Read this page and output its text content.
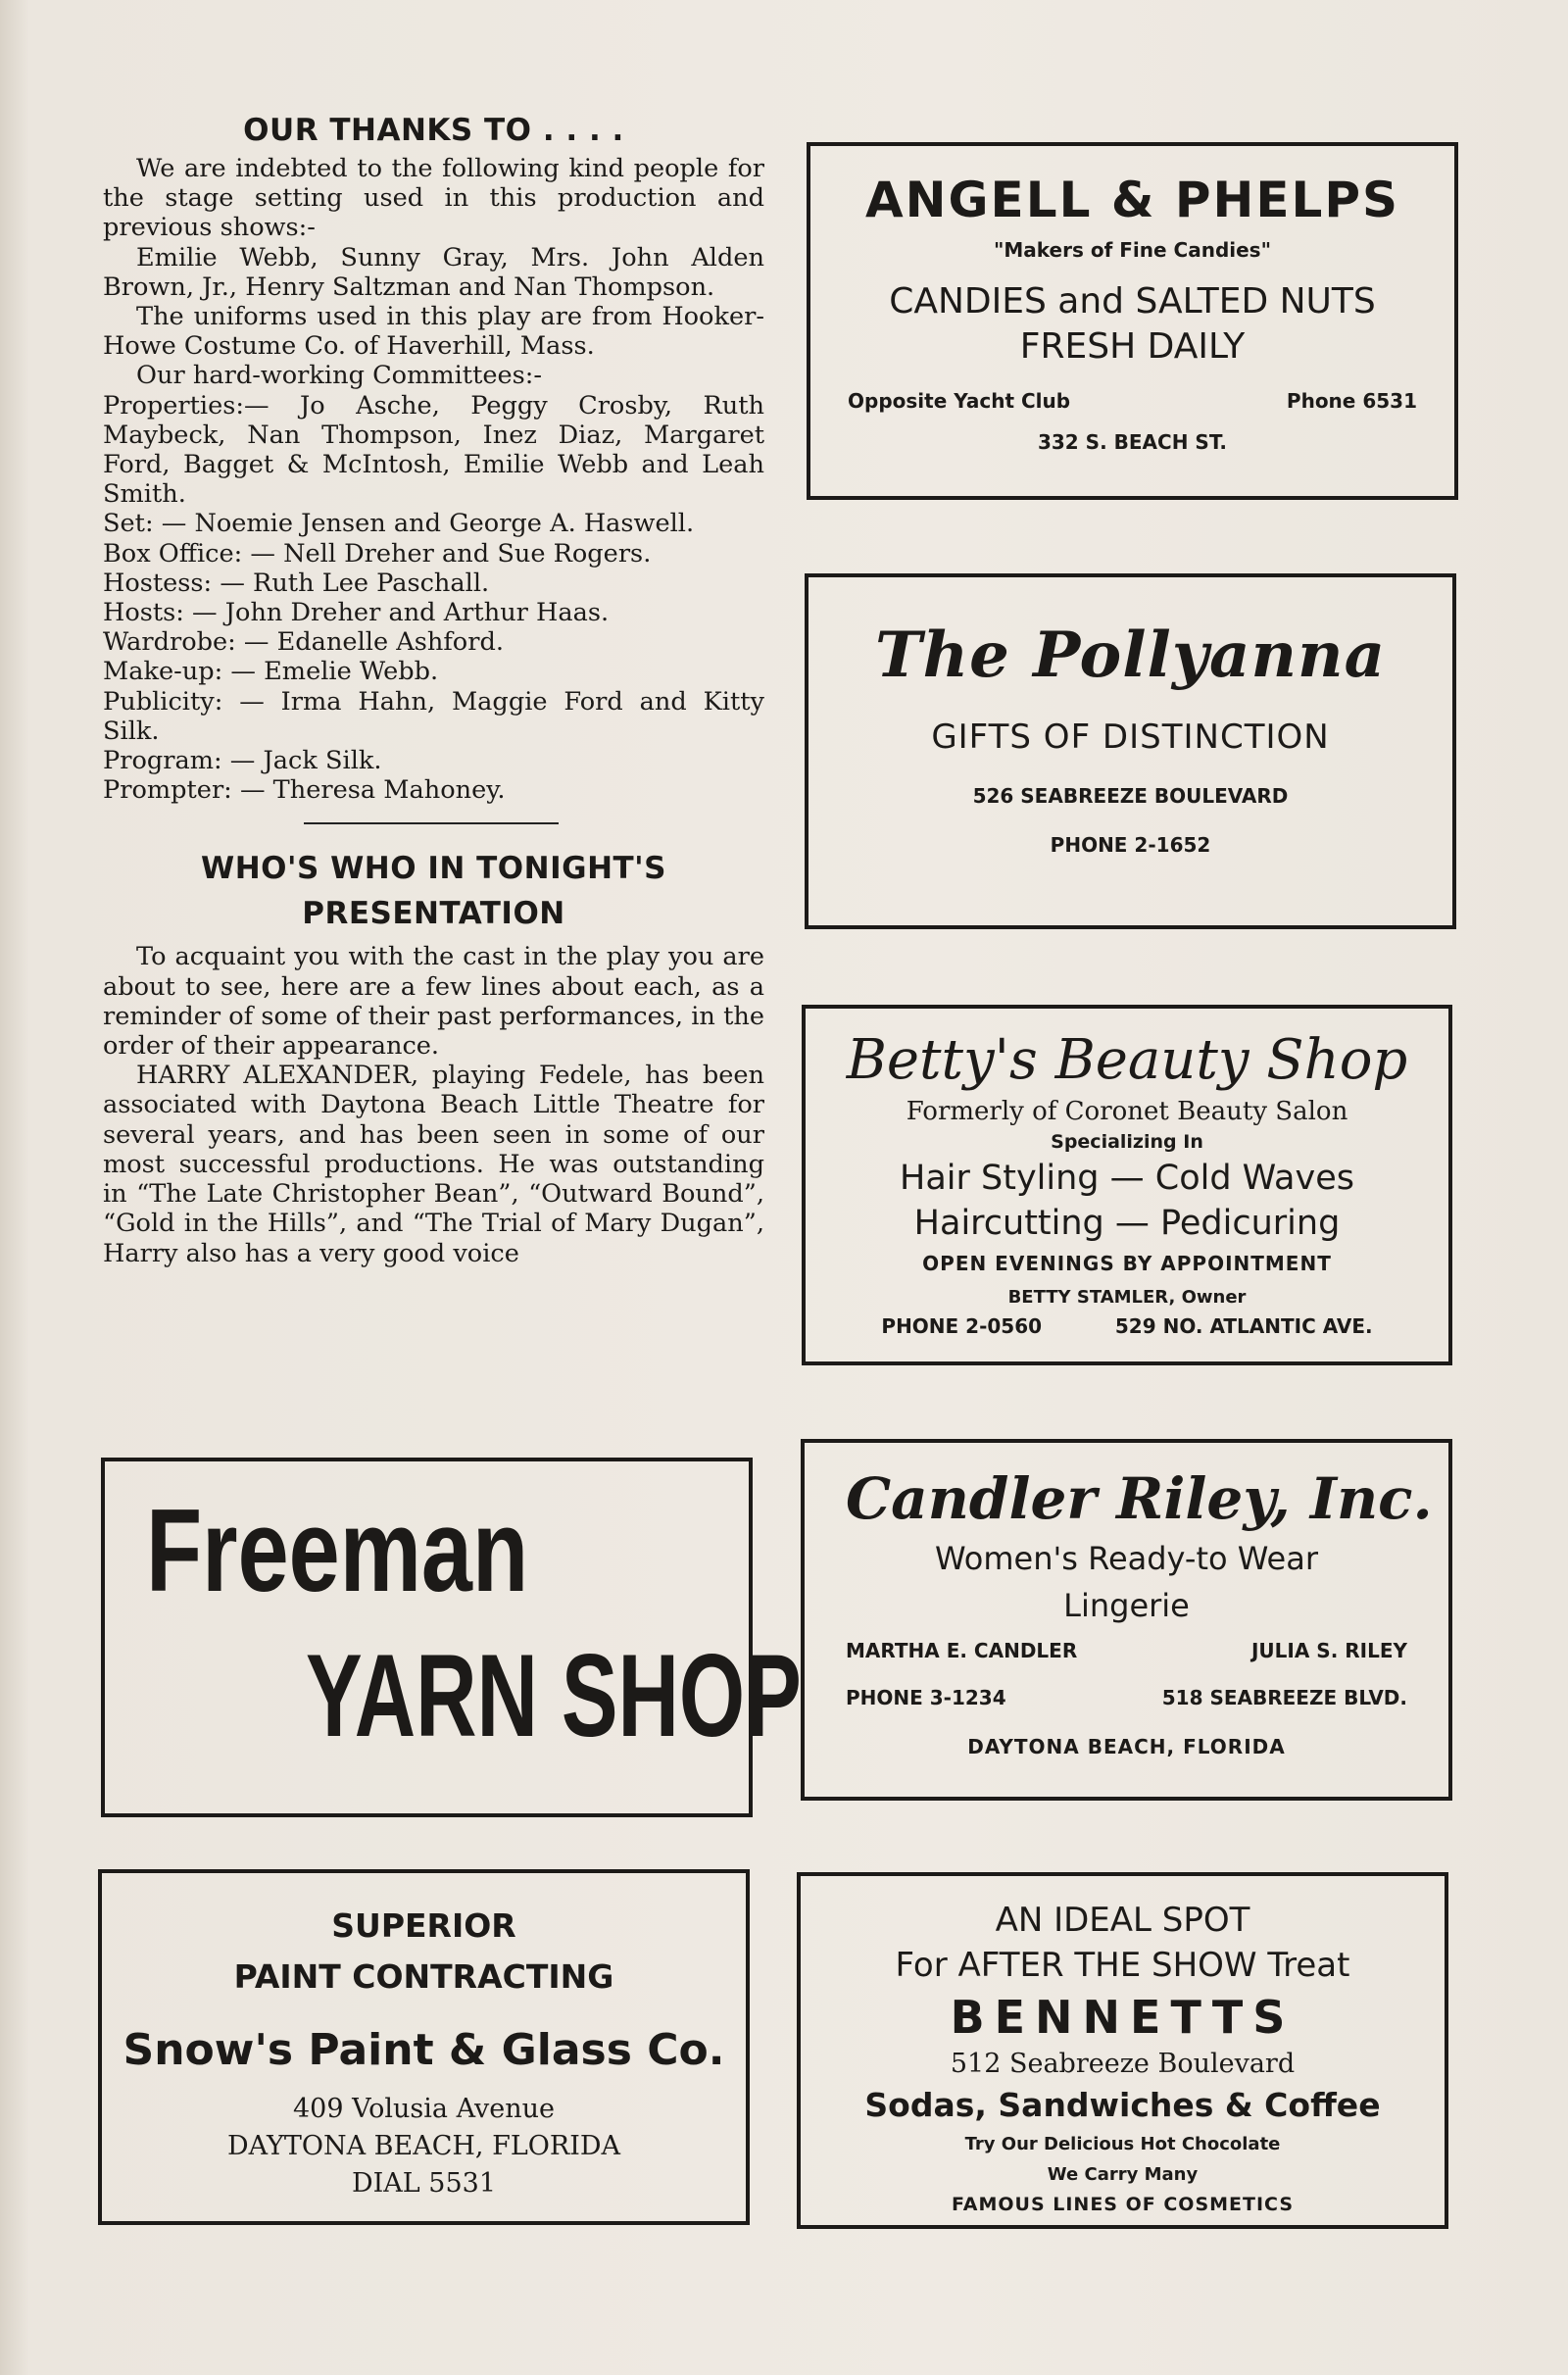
OUR THANKS TO . . . .

We are indebted to the following kind people for the stage setting used in this production and previous shows:-

Emilie Webb, Sunny Gray, Mrs. John Alden Brown, Jr., Henry Saltzman and Nan Thompson.

The uniforms used in this play are from Hooker-Howe Costume Co. of Haverhill, Mass.

Our hard-working Committees:-

Properties:— Jo Asche, Peggy Crosby, Ruth Maybeck, Nan Thompson, Inez Diaz, Margaret Ford, Bagget & McIntosh, Emilie Webb and Leah Smith.

Set: — Noemie Jensen and George A. Haswell.

Box Office: — Nell Dreher and Sue Rogers.

Hostess: — Ruth Lee Paschall.

Hosts: — John Dreher and Arthur Haas.

Wardrobe: — Edanelle Ashford.

Make-up: — Emelie Webb.

Publicity: — Irma Hahn, Maggie Ford and Kitty Silk.

Program: — Jack Silk.

Prompter: — Theresa Mahoney.

WHO'S WHO IN TONIGHT'S
PRESENTATION

To acquaint you with the cast in the play you are about to see, here are a few lines about each, as a reminder of some of their past performances, in the order of their appearance.

HARRY ALEXANDER, playing Fedele, has been associated with Daytona Beach Little Theatre for several years, and has been seen in some of our most successful productions. He was outstanding in “The Late Christopher Bean”, “Outward Bound”, “Gold in the Hills”, and “The Trial of Mary Dugan”, Harry also has a very good voice

Freeman
YARN SHOP
SUPERIOR
PAINT CONTRACTING
Snow's Paint & Glass Co.
409 Volusia Avenue
DAYTONA BEACH, FLORIDA
DIAL 5531
ANGELL & PHELPS
"Makers of Fine Candies"
CANDIES and SALTED NUTS
FRESH DAILY
Opposite Yacht Club	Phone 6531
332 S. BEACH ST.
The Pollyanna
GIFTS OF DISTINCTION
526 SEABREEZE BOULEVARD
PHONE 2-1652
Betty's Beauty Shop
Formerly of Coronet Beauty Salon
Specializing In
Hair Styling — Cold Waves
Haircutting — Pedicuring
OPEN EVENINGS BY APPOINTMENT
BETTY STAMLER, Owner
PHONE 2-0560	529 NO. ATLANTIC AVE.
Candler Riley, Inc.
Women's Ready-to Wear
Lingerie
MARTHA E. CANDLER	JULIA S. RILEY
PHONE 3-1234	518 SEABREEZE BLVD.
DAYTONA BEACH, FLORIDA
AN IDEAL SPOT
For AFTER THE SHOW Treat
BENNETTS
512 Seabreeze Boulevard
Sodas, Sandwiches & Coffee
Try Our Delicious Hot Chocolate
We Carry Many
FAMOUS LINES OF COSMETICS
